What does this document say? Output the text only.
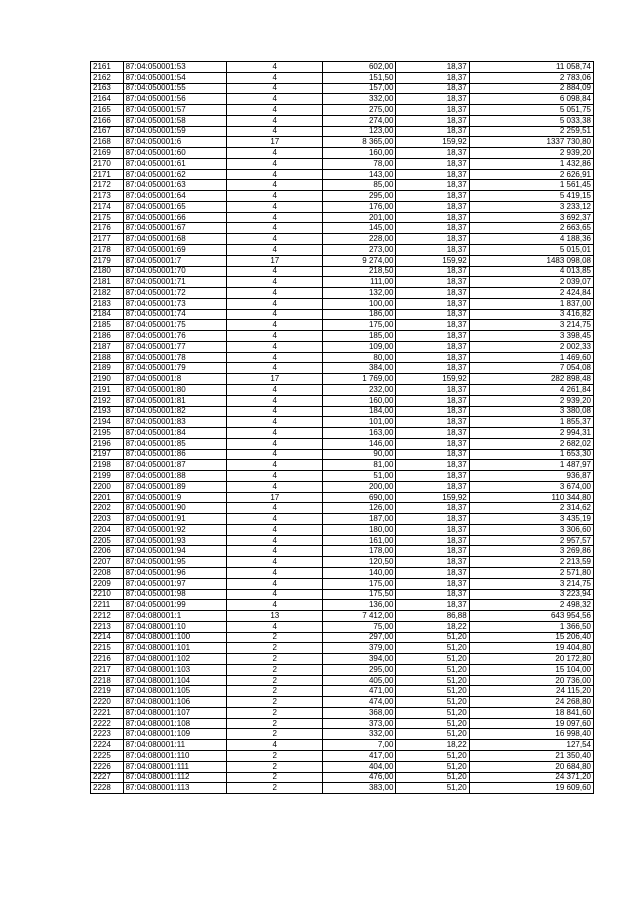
2161	87:04:050001:53	4	602,00	18,37	11 058,74
2162	87:04:050001:54	4	151,50	18,37	2 783,06
2163	87:04:050001:55	4	157,00	18,37	2 884,09
2164	87:04:050001:56	4	332,00	18,37	6 098,84
2165	87:04:050001:57	4	275,00	18,37	5 051,75
2166	87:04:050001:58	4	274,00	18,37	5 033,38
2167	87:04:050001:59	4	123,00	18,37	2 259,51
2168	87:04:050001:6	17	8 365,00	159,92	1337 730,80
2169	87:04:050001:60	4	160,00	18,37	2 939,20
2170	87:04:050001:61	4	78,00	18,37	1 432,86
2171	87:04:050001:62	4	143,00	18,37	2 626,91
2172	87:04:050001:63	4	85,00	18,37	1 561,45
2173	87:04:050001:64	4	295,00	18,37	5 419,15
2174	87:04:050001:65	4	176,00	18,37	3 233,12
2175	87:04:050001:66	4	201,00	18,37	3 692,37
2176	87:04:050001:67	4	145,00	18,37	2 663,65
2177	87:04:050001:68	4	228,00	18,37	4 188,36
2178	87:04:050001:69	4	273,00	18,37	5 015,01
2179	87:04:050001:7	17	9 274,00	159,92	1483 098,08
2180	87:04:050001:70	4	218,50	18,37	4 013,85
2181	87:04:050001:71	4	111,00	18,37	2 039,07
2182	87:04:050001:72	4	132,00	18,37	2 424,84
2183	87:04:050001:73	4	100,00	18,37	1 837,00
2184	87:04:050001:74	4	186,00	18,37	3 416,82
2185	87:04:050001:75	4	175,00	18,37	3 214,75
2186	87:04:050001:76	4	185,00	18,37	3 398,45
2187	87:04:050001:77	4	109,00	18,37	2 002,33
2188	87:04:050001:78	4	80,00	18,37	1 469,60
2189	87:04:050001:79	4	384,00	18,37	7 054,08
2190	87:04:050001:8	17	1 769,00	159,92	282 898,48
2191	87:04:050001:80	4	232,00	18,37	4 261,84
2192	87:04:050001:81	4	160,00	18,37	2 939,20
2193	87:04:050001:82	4	184,00	18,37	3 380,08
2194	87:04:050001:83	4	101,00	18,37	1 855,37
2195	87:04:050001:84	4	163,00	18,37	2 994,31
2196	87:04:050001:85	4	146,00	18,37	2 682,02
2197	87:04:050001:86	4	90,00	18,37	1 653,30
2198	87:04:050001:87	4	81,00	18,37	1 487,97
2199	87:04:050001:88	4	51,00	18,37	936,87
2200	87:04:050001:89	4	200,00	18,37	3 674,00
2201	87:04:050001:9	17	690,00	159,92	110 344,80
2202	87:04:050001:90	4	126,00	18,37	2 314,62
2203	87:04:050001:91	4	187,00	18,37	3 435,19
2204	87:04:050001:92	4	180,00	18,37	3 306,60
2205	87:04:050001:93	4	161,00	18,37	2 957,57
2206	87:04:050001:94	4	178,00	18,37	3 269,86
2207	87:04:050001:95	4	120,50	18,37	2 213,59
2208	87:04:050001:96	4	140,00	18,37	2 571,80
2209	87:04:050001:97	4	175,00	18,37	3 214,75
2210	87:04:050001:98	4	175,50	18,37	3 223,94
2211	87:04:050001:99	4	136,00	18,37	2 498,32
2212	87:04:080001:1	13	7 412,00	86,88	643 954,56
2213	87:04:080001:10	4	75,00	18,22	1 366,50
2214	87:04:080001:100	2	297,00	51,20	15 206,40
2215	87:04:080001:101	2	379,00	51,20	19 404,80
2216	87:04:080001:102	2	394,00	51,20	20 172,80
2217	87:04:080001:103	2	295,00	51,20	15 104,00
2218	87:04:080001:104	2	405,00	51,20	20 736,00
2219	87:04:080001:105	2	471,00	51,20	24 115,20
2220	87:04:080001:106	2	474,00	51,20	24 268,80
2221	87:04:080001:107	2	368,00	51,20	18 841,60
2222	87:04:080001:108	2	373,00	51,20	19 097,60
2223	87:04:080001:109	2	332,00	51,20	16 998,40
2224	87:04:080001:11	4	7,00	18,22	127,54
2225	87:04:080001:110	2	417,00	51,20	21 350,40
2226	87:04:080001:111	2	404,00	51,20	20 684,80
2227	87:04:080001:112	2	476,00	51,20	24 371,20
2228	87:04:080001:113	2	383,00	51,20	19 609,60
